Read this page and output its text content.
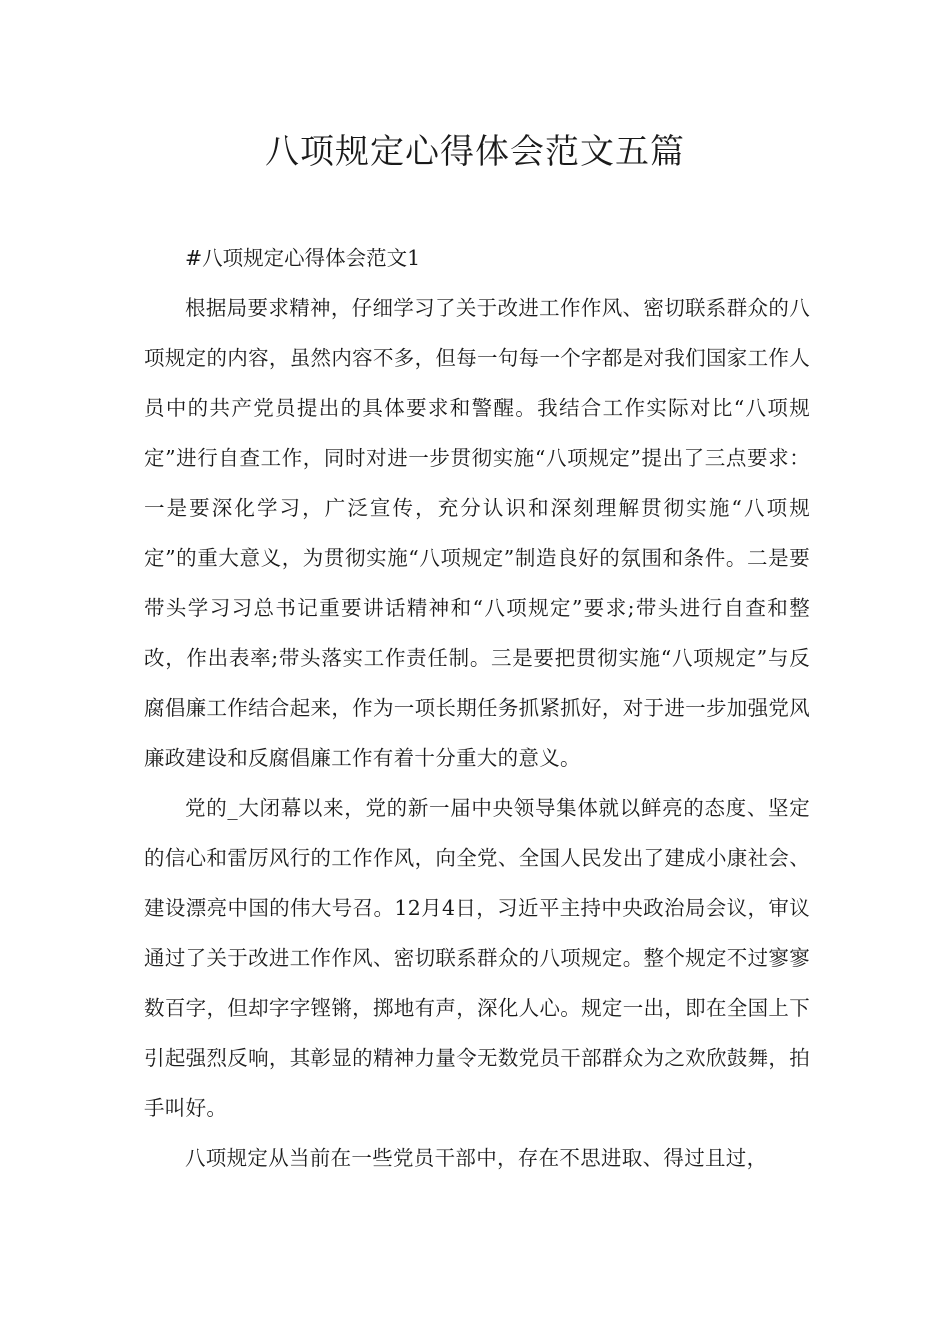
八项规定心得体会范文五篇

#八项规定心得体会范文1

根据局要求精神，仔细学习了关于改进工作作风、密切联系群众的八项规定的内容，虽然内容不多，但每一句每一个字都是对我们国家工作人员中的共产党员提出的具体要求和警醒。我结合工作实际对比“八项规定”进行自查工作，同时对进一步贯彻实施“八项规定”提出了三点要求：一是要深化学习，广泛宣传，充分认识和深刻理解贯彻实施“八项规定”的重大意义，为贯彻实施“八项规定”制造良好的氛围和条件。二是要带头学习习总书记重要讲话精神和“八项规定”要求;带头进行自查和整改，作出表率;带头落实工作责任制。三是要把贯彻实施“八项规定”与反腐倡廉工作结合起来，作为一项长期任务抓紧抓好，对于进一步加强党风廉政建设和反腐倡廉工作有着十分重大的意义。

党的_大闭幕以来，党的新一届中央领导集体就以鲜亮的态度、坚定的信心和雷厉风行的工作作风，向全党、全国人民发出了建成小康社会、建设漂亮中国的伟大号召。12月4日，习近平主持中央政治局会议，审议通过了关于改进工作作风、密切联系群众的八项规定。整个规定不过寥寥数百字，但却字字铿锵，掷地有声，深化人心。规定一出，即在全国上下引起强烈反响，其彰显的精神力量令无数党员干部群众为之欢欣鼓舞，拍手叫好。

八项规定从当前在一些党员干部中，存在不思进取、得过且过，
